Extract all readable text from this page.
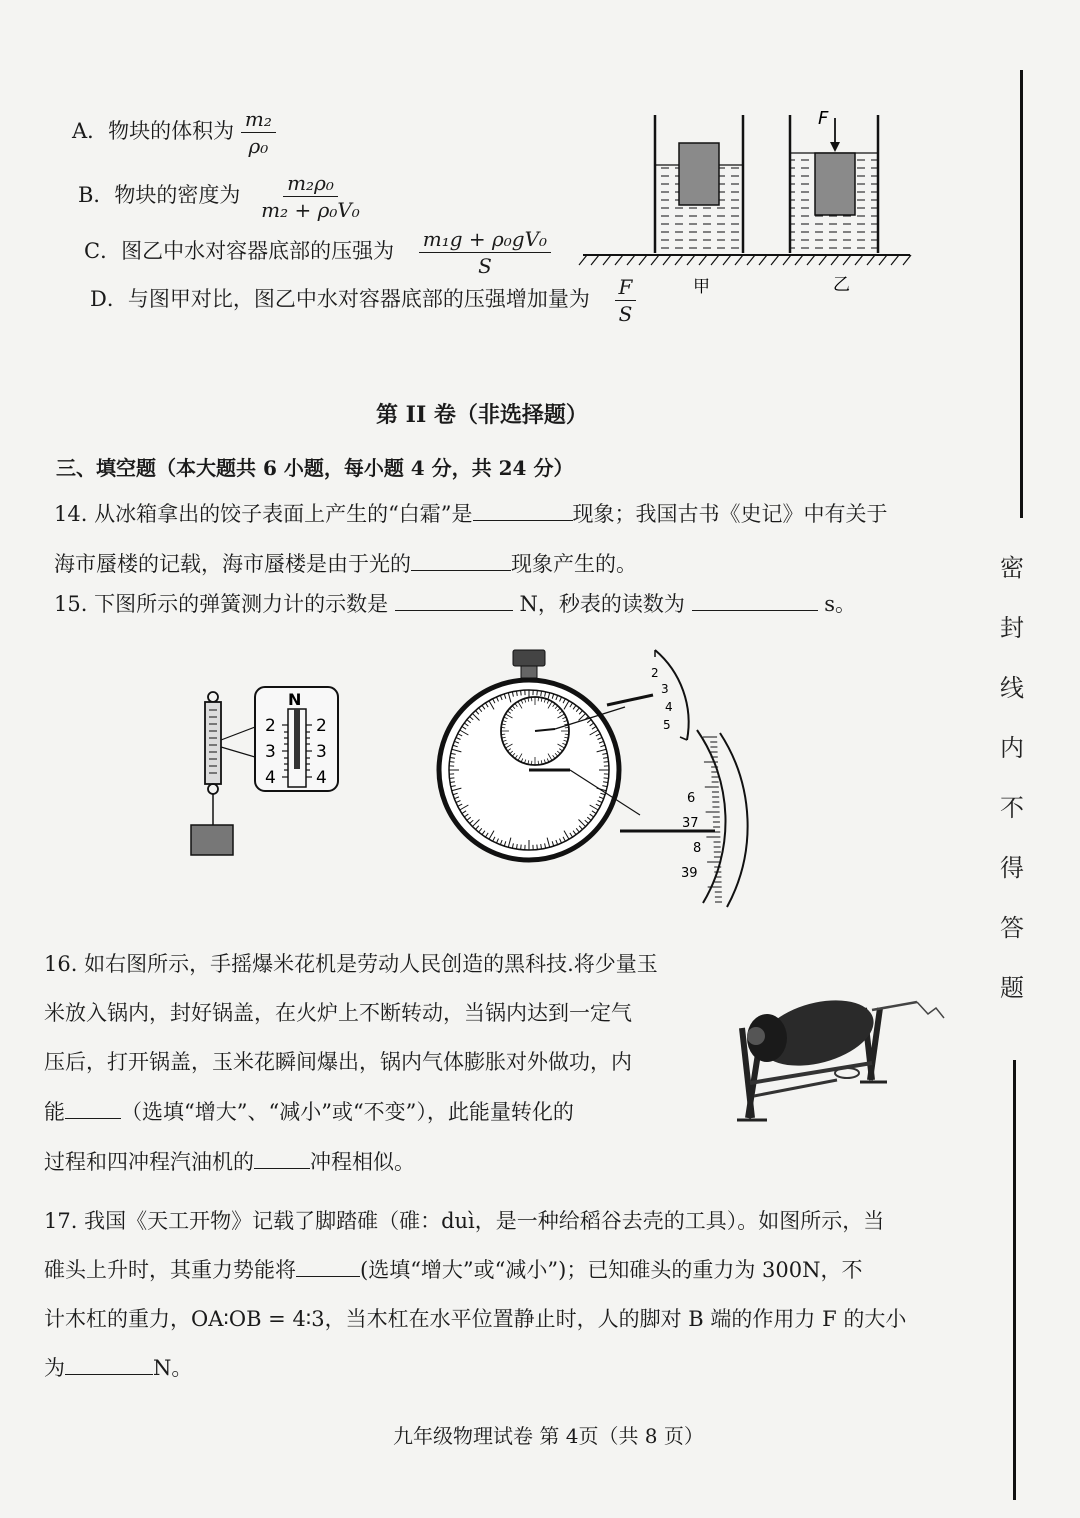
A．物块的体积为 $\frac{\text{m₂}}{\text{ρ₀}}$
B．物块的密度为 $\frac{\text{m₂ρ₀}}{\text{m₂ + ρ₀V₀}}$
C．图乙中水对容器底部的压强为 $\frac{\text{m₁g + ρ₀gV₀}}{S}$
D．与图甲对比，图乙中水对容器底部的压强增加量为 $\frac{F}{S}$
F
甲	乙
第 II 卷（非选择题）
三、填空题（本大题共 6 小题，每小题 4 分，共 24 分）
14. 从冰箱拿出的饺子表面上产生的“白霜”是	现象；我国古书《史记》中有关于
海市蜃楼的记载，海市蜃楼是由于光的	现象产生的。
15. 下图所示的弹簧测力计的示数是	N，秒表的读数为	s。
N
2
3
4
2
3
4
2
3
4
5
6
37
8
39
16. 如右图所示，手摇爆米花机是劳动人民创造的黑科技.将少量玉
米放入锅内，封好锅盖，在火炉上不断转动，当锅内达到一定气
压后，打开锅盖，玉米花瞬间爆出，锅内气体膨胀对外做功，内
能	（选填“增大”、“减小”或“不变”），此能量转化的
过程和四冲程汽油机的	冲程相似。
17. 我国《天工开物》记载了脚踏碓（碓：duì，是一种给稻谷去壳的工具）。如图所示，当
碓头上升时，其重力势能将	(选填“增大”或“减小”)；已知碓头的重力为 300N，不
计木杠的重力，OA∶OB = 4∶3，当木杠在水平位置静止时，人的脚对 B 端的作用力 F 的大小
为	N。
九年级物理试卷 第 4页（共 8 页）
密
封
线
内
不
得
答
题
